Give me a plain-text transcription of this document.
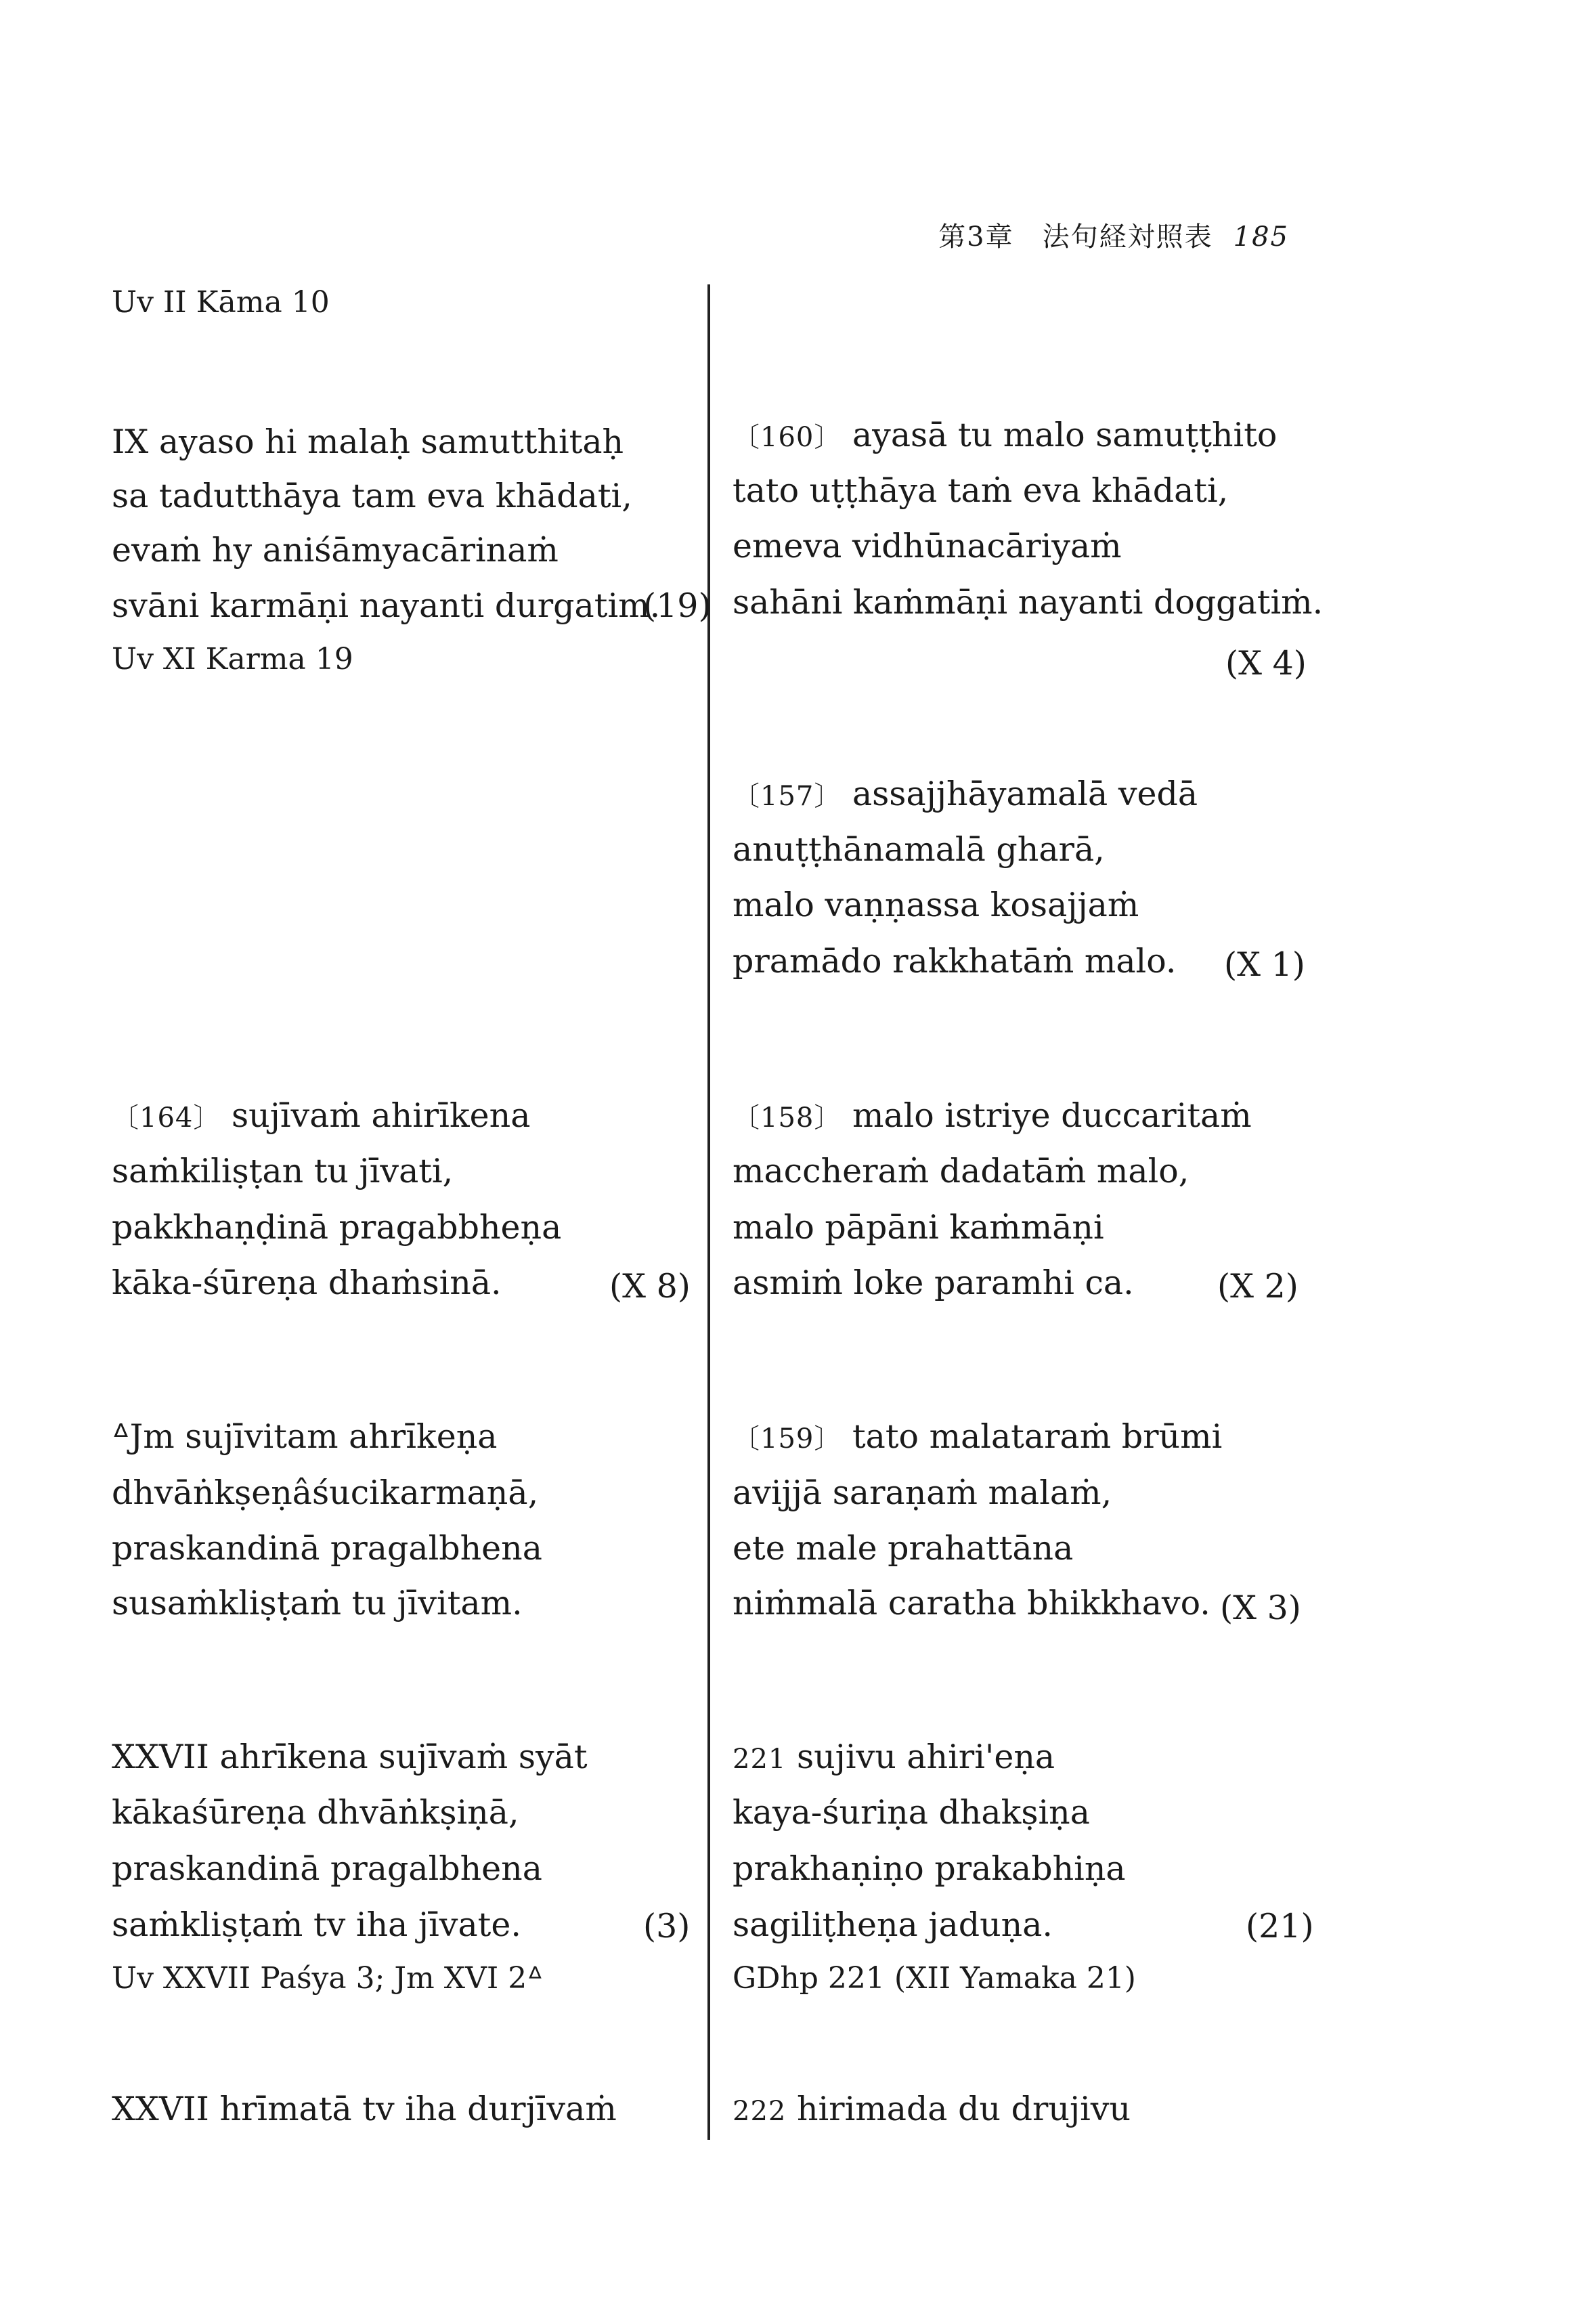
第3章　法句経対照表 185
Uv II Kāma 10
IX ayaso hi malaḥ samutthitaḥ
sa tadutthāya tam eva khādati,
evaṁ hy aniśāmyacārinaṁ
svāni karmāṇi nayanti durgatim.
(19)
Uv XI Karma 19
〔164〕 sujīvaṁ ahirīkena
saṁkiliṣṭan tu jīvati,
pakkhaṇḍinā pragabbheṇa
kāka-śūreṇa dhaṁsinā.	(X 8)
ᐞJm sujīvitam ahrīkeṇa
dhvāṅkṣeṇâśucikarmaṇā,
praskandinā pragalbhena
susaṁkliṣṭaṁ tu jīvitam.
XXVII ahrīkena sujīvaṁ syāt
kākaśūreṇa dhvāṅkṣiṇā,
praskandinā pragalbhena
saṁkliṣṭaṁ tv iha jīvate.	(3)
Uv XXVII Paśya 3; Jm XVI 2ᐞ
XXVII hrīmatā tv iha durjīvaṁ
〔160〕 ayasā tu malo samuṭṭhito
tato uṭṭhāya taṁ eva khādati,
emeva vidhūnacāriyaṁ
sahāni kaṁmāṇi nayanti doggatiṁ.
(X 4)
〔157〕 assajjhāyamalā vedā
anuṭṭhānamalā gharā,
malo vaṇṇassa kosajjaṁ
pramādo rakkhatāṁ malo. (X 1)
〔158〕 malo istriye duccaritaṁ
maccheraṁ dadatāṁ malo,
malo pāpāni kaṁmāṇi
asmiṁ loke paramhi ca.	(X 2)
〔159〕 tato malataraṁ brūmi
avijjā saraṇaṁ malaṁ,
ete male prahattāna
niṁmalā caratha bhikkhavo. (X 3)
221 sujivu ahiri'eṇa
kaya-śuriṇa dhakṣiṇa
prakhaṇiṇo prakabhiṇa
sagiliṭheṇa jaduṇa.	(21)
GDhp 221 (XII Yamaka 21)
222 hirimada du drujivu
